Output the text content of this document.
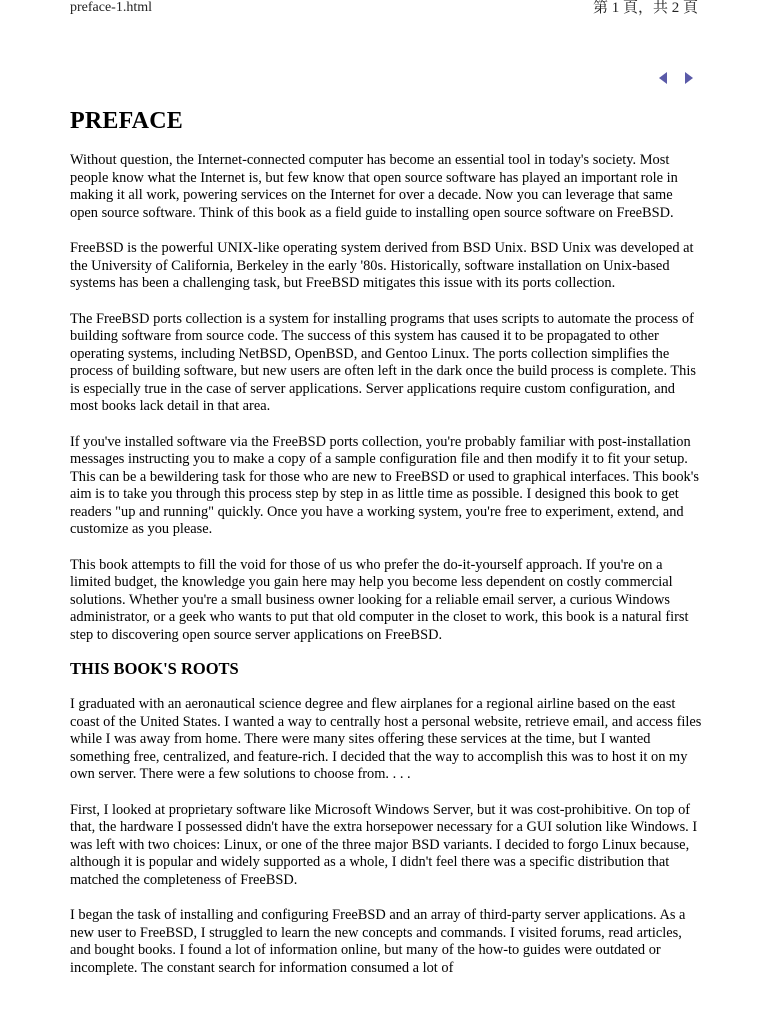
preface-1.html	第 1 頁，共 2 頁
PREFACE

Without question, the Internet-connected computer has become an essential tool in today's society. Most people know what the Internet is, but few know that open source software has played an important role in making it all work, powering services on the Internet for over a decade. Now you can leverage that same open source software. Think of this book as a field guide to installing open source software on FreeBSD.

FreeBSD is the powerful UNIX-like operating system derived from BSD Unix. BSD Unix was developed at the University of California, Berkeley in the early '80s. Historically, software installation on Unix-based systems has been a challenging task, but FreeBSD mitigates this issue with its ports collection.

The FreeBSD ports collection is a system for installing programs that uses scripts to automate the process of building software from source code. The success of this system has caused it to be propagated to other operating systems, including NetBSD, OpenBSD, and Gentoo Linux. The ports collection simplifies the process of building software, but new users are often left in the dark once the build process is complete. This is especially true in the case of server applications. Server applications require custom configuration, and most books lack detail in that area.

If you've installed software via the FreeBSD ports collection, you're probably familiar with post-installation messages instructing you to make a copy of a sample configuration file and then modify it to fit your setup. This can be a bewildering task for those who are new to FreeBSD or used to graphical interfaces. This book's aim is to take you through this process step by step in as little time as possible. I designed this book to get readers "up and running" quickly. Once you have a working system, you're free to experiment, extend, and customize as you please.

This book attempts to fill the void for those of us who prefer the do-it-yourself approach. If you're on a limited budget, the knowledge you gain here may help you become less dependent on costly commercial solutions. Whether you're a small business owner looking for a reliable email server, a curious Windows administrator, or a geek who wants to put that old computer in the closet to work, this book is a natural first step to discovering open source server applications on FreeBSD.

THIS BOOK'S ROOTS

I graduated with an aeronautical science degree and flew airplanes for a regional airline based on the east coast of the United States. I wanted a way to centrally host a personal website, retrieve email, and access files while I was away from home. There were many sites offering these services at the time, but I wanted something free, centralized, and feature-rich. I decided that the way to accomplish this was to host it on my own server. There were a few solutions to choose from. . . .

First, I looked at proprietary software like Microsoft Windows Server, but it was cost-prohibitive. On top of that, the hardware I possessed didn't have the extra horsepower necessary for a GUI solution like Windows. I was left with two choices: Linux, or one of the three major BSD variants. I decided to forgo Linux because, although it is popular and widely supported as a whole, I didn't feel there was a specific distribution that matched the completeness of FreeBSD.

I began the task of installing and configuring FreeBSD and an array of third-party server applications. As a new user to FreeBSD, I struggled to learn the new concepts and commands. I visited forums, read articles, and bought books. I found a lot of information online, but many of the how-to guides were outdated or incomplete. The constant search for information consumed a lot of
